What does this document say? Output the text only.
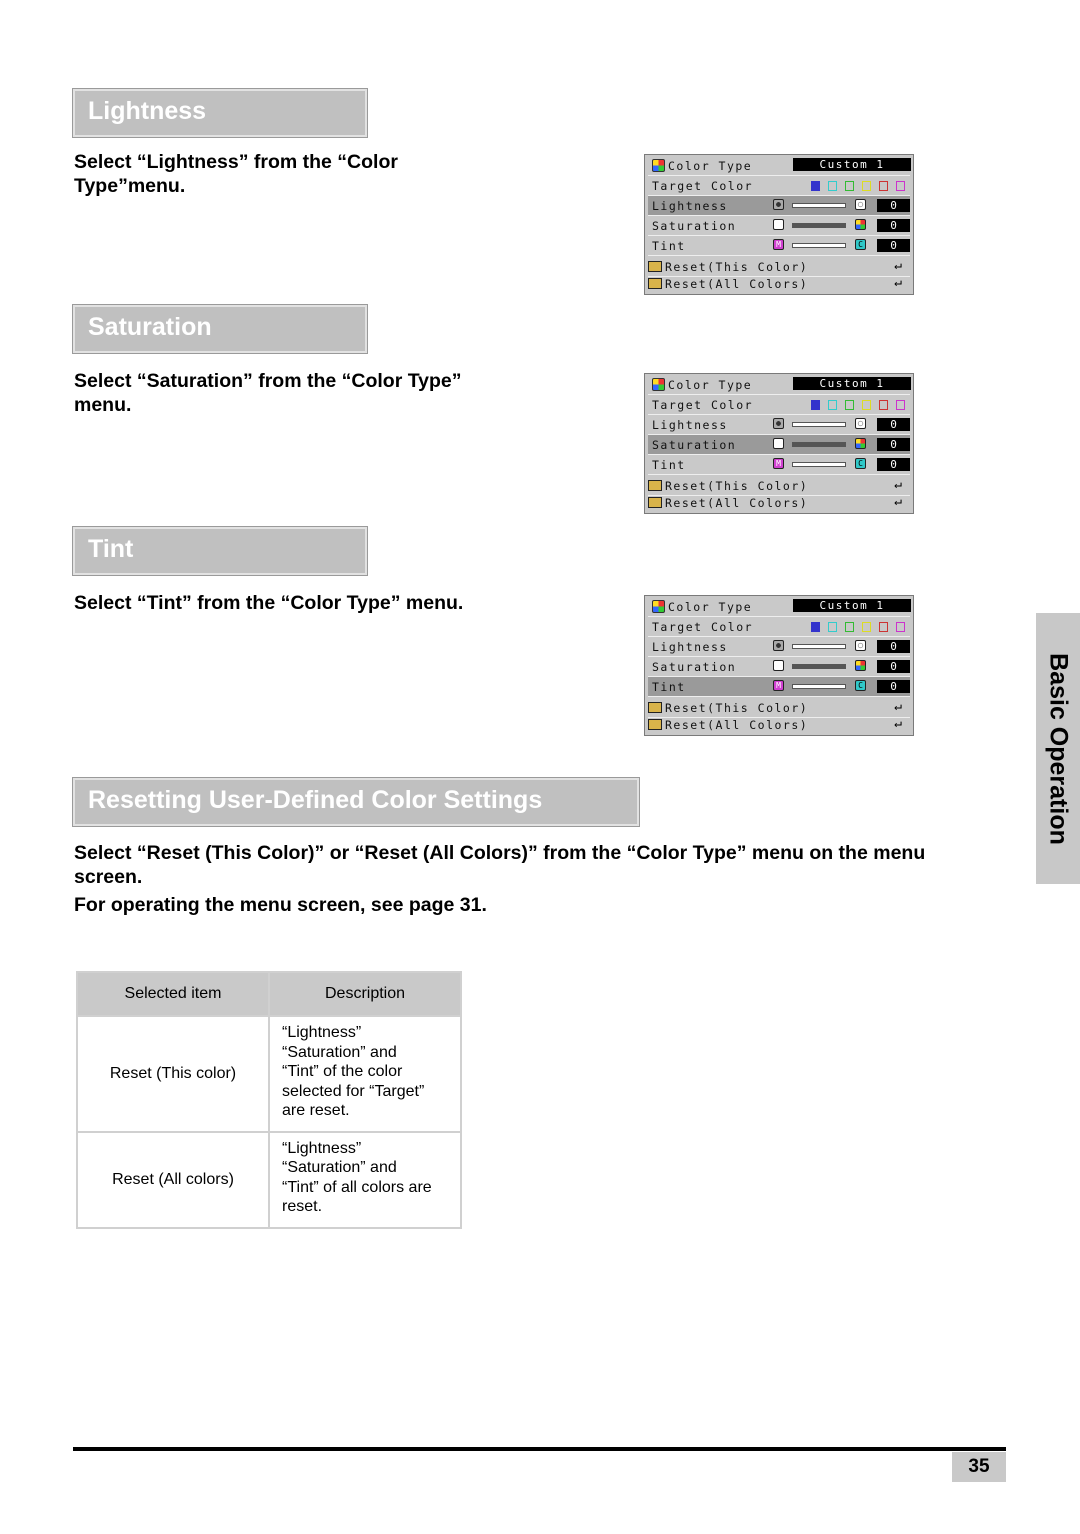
Lightness
Select “Lightness” from the “Color Type”menu.
Saturation
Select “Saturation” from the “Color Type” menu.
Tint
Select “Tint” from the “Color Type” menu.
Resetting User-Defined Color Settings
Select “Reset (This Color)” or “Reset (All Colors)” from the “Color Type” menu on the menu screen.
For operating the menu screen, see page 31.
Color Type	Custom 1
Target Color
Lightness	0
Saturation	0
Tint	M	C	0
Reset(This Color)	↵
Reset(All Colors)	↵
Color Type	Custom 1
Target Color
Lightness	0
Saturation	0
Tint	M	C	0
Reset(This Color)	↵
Reset(All Colors)	↵
Color Type	Custom 1
Target Color
Lightness	0
Saturation	0
Tint	M	C	0
Reset(This Color)	↵
Reset(All Colors)	↵	Basic Operation
Selected item	Description
Reset (This color)	“Lightness”
“Saturation” and
“Tint” of the color
selected for “Target”
are reset.

Reset (All colors)	“Lightness”
“Saturation” and
“Tint” of all colors are
reset.
35
